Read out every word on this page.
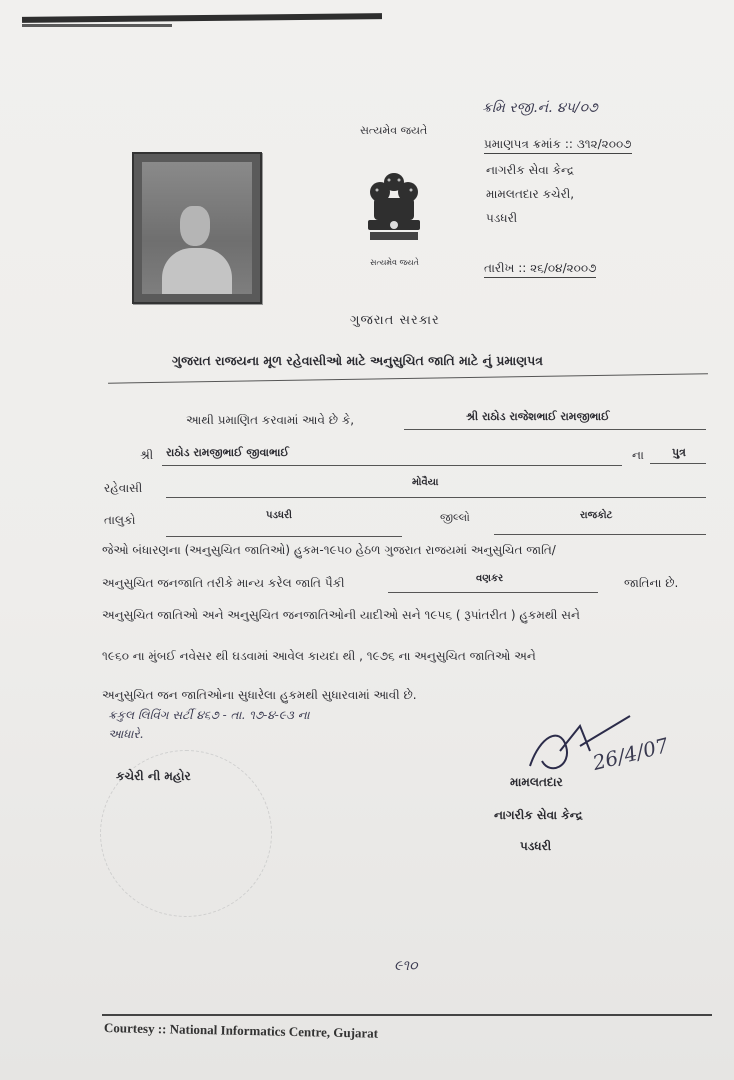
સત્યમેવ જયતે
સત્યમેવ જયતે
ક્રમિ રજી.નં. ૪૫/૦૭
પ્રમાણપત્ર ક્રમાંક :: ૩૧૨/૨૦૦૭
નાગરીક સેવા કેન્દ્ર
મામલતદાર કચેરી,
પડધરી
તારીખ :: ૨૬/૦૪/૨૦૦૭
ગુજરાત સરકાર
ગુજરાત રાજયના મૂળ રહેવાસીઓ માટે અનુસુચિત જાતિ માટે નું પ્રમાણપત્ર
આથી પ્રમાણિત કરવામાં આવે છે કે,	શ્રી રાઠોડ રાજેશભાઈ રામજીભાઈ
શ્રી રાઠોડ રામજીભાઈ જીવાભાઈ	ના	પુત્ર
રહેવાસી	મોવૈયા
તાલુકો	પડધરી	જીલ્લો	રાજકોટ
જેઓ બંધારણના (અનુસુચિત જાતિઓ) હુકમ-૧૯૫૦ હેઠળ ગુજરાત રાજયમાં અનુસુચિત જાતિ/
અનુસુચિત જનજાતિ તરીકે માન્ય કરેલ જાતિ પૈકી	વણકર	જાતિના છે.
અનુસુચિત જાતિઓ અને અનુસુચિત જનજાતિઓની યાદીઓ સને ૧૯૫૬ ( રૂપાંતરીત ) હુકમથી સને
૧૯૬૦ ના મુંબઈ નવેસર થી ઘડવામાં આવેલ કાયદા થી , ૧૯૭૬ ના અનુસુચિત જાતિઓ અને
અનુસુચિત જન જાતિઓના સુધારેલા હુકમથી સુધારવામાં આવી છે.
ક્રકુલ લિવિંગ સર્ટી ૪૬૭ - તા. ૧૭-૪-૯૩ ના
આધારે.
કચેરી ની મહોર
26/4/07
મામલતદાર
નાગરીક સેવા કેન્દ્ર
પડધરી
૯૧૦
Courtesy :: National Informatics Centre, Gujarat
